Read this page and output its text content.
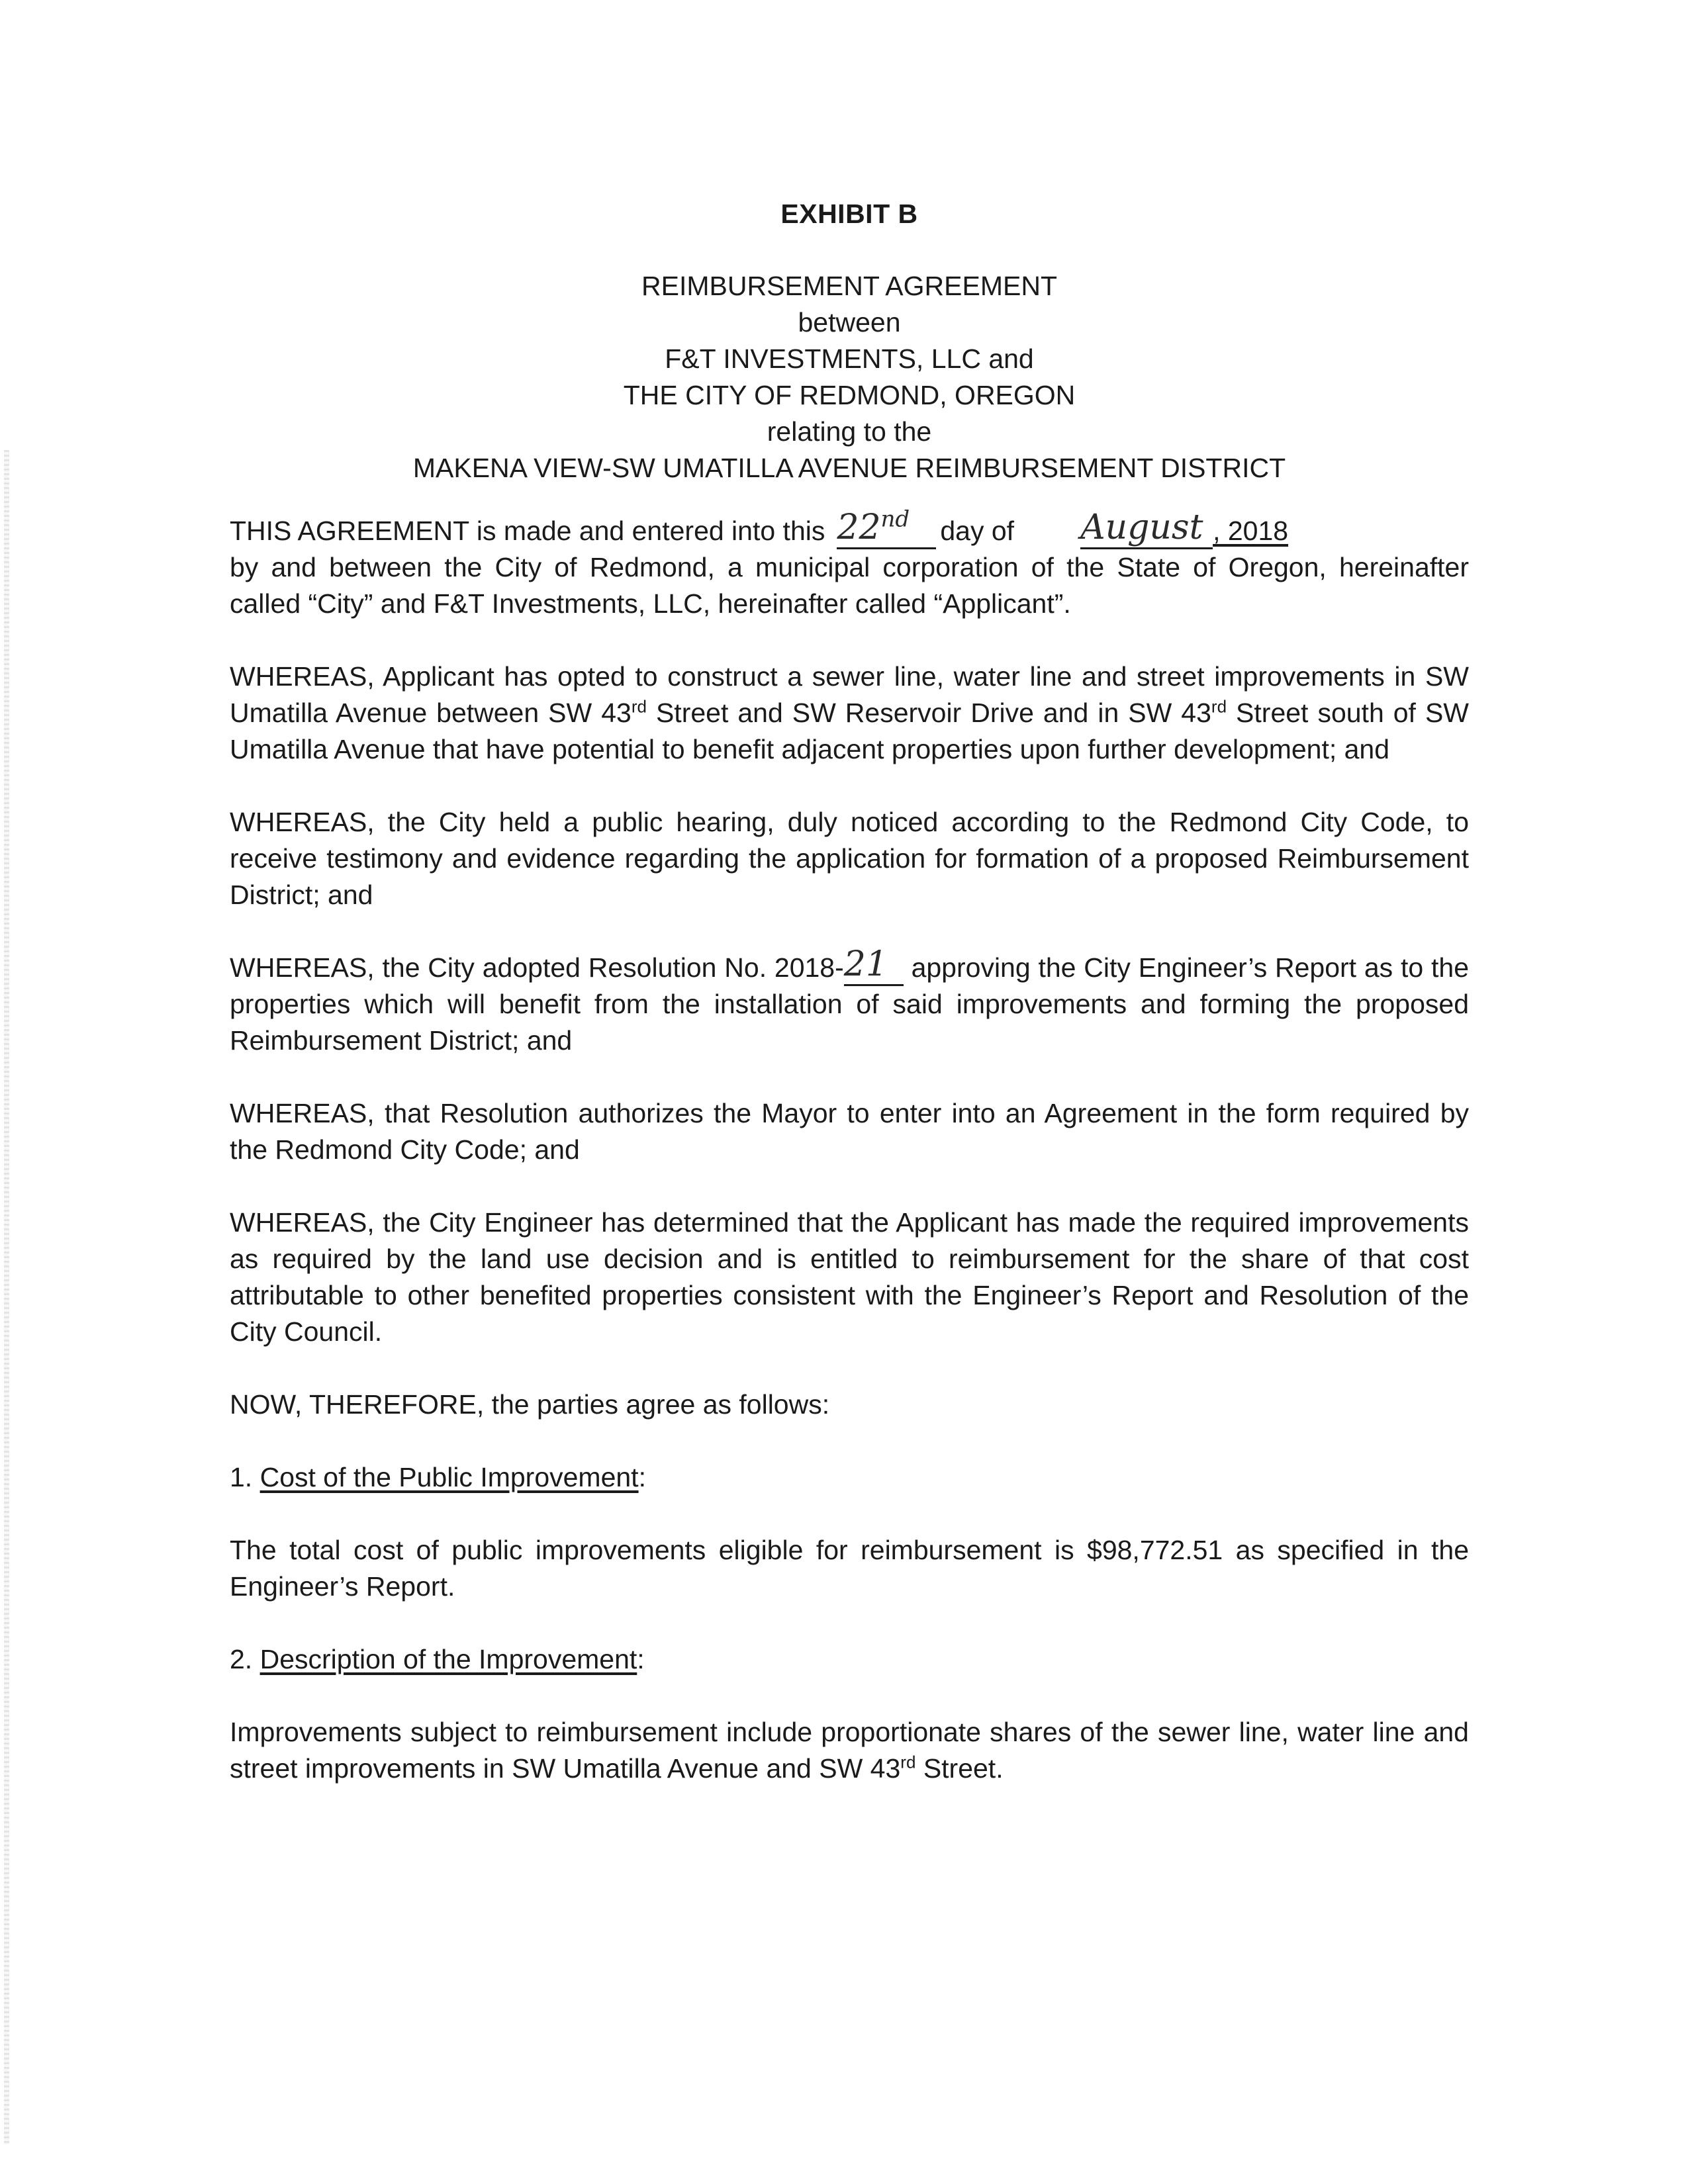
EXHIBIT B
REIMBURSEMENT AGREEMENT
between
F&T INVESTMENTS, LLC and
THE CITY OF REDMOND, OREGON
relating to the
MAKENA VIEW-SW UMATILLA AVENUE REIMBURSEMENT DISTRICT

THIS AGREEMENT is made and entered into this 22nd	day of August , 2018
by and between the City of Redmond, a municipal corporation of the State of Oregon, hereinafter called “City” and F&T Investments, LLC, hereinafter called “Applicant”.

WHEREAS, Applicant has opted to construct a sewer line, water line and street improvements in SW Umatilla Avenue between SW 43rd Street and SW Reservoir Drive and in SW 43rd Street south of SW Umatilla Avenue that have potential to benefit adjacent properties upon further development; and

WHEREAS, the City held a public hearing, duly noticed according to the Redmond City Code, to receive testimony and evidence regarding the application for formation of a proposed Reimbursement District; and

WHEREAS, the City adopted Resolution No. 2018- 21 approving the City Engineer’s Report as to the properties which will benefit from the installation of said improvements and forming the proposed Reimbursement District; and

WHEREAS, that Resolution authorizes the Mayor to enter into an Agreement in the form required by the Redmond City Code; and

WHEREAS, the City Engineer has determined that the Applicant has made the required improvements as required by the land use decision and is entitled to reimbursement for the share of that cost attributable to other benefited properties consistent with the Engineer’s Report and Resolution of the City Council.

NOW, THEREFORE, the parties agree as follows:

1. Cost of the Public Improvement:

The total cost of public improvements eligible for reimbursement is $98,772.51 as specified in the Engineer’s Report.

2. Description of the Improvement:

Improvements subject to reimbursement include proportionate shares of the sewer line, water line and street improvements in SW Umatilla Avenue and SW 43rd Street.
